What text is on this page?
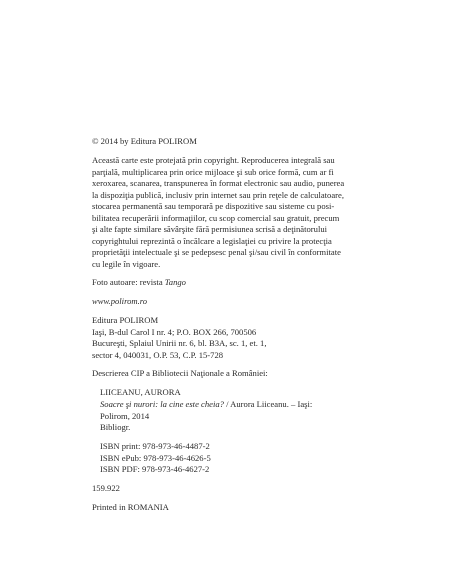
© 2014 by Editura POLIROM
Această carte este protejată prin copyright. Reproducerea integrală sau
parţială, multiplicarea prin orice mijloace şi sub orice formă, cum ar fi
xeroxarea, scanarea, transpunerea în format electronic sau audio, punerea
la dispoziţia publică, inclusiv prin internet sau prin reţele de calculatoare,
stocarea permanentă sau temporară pe dispozitive sau sisteme cu posi-
bilitatea recuperării informaţiilor, cu scop comercial sau gratuit, precum
şi alte fapte similare săvârşite fără permisiunea scrisă a deţinătorului
copyrightului reprezintă o încălcare a legislaţiei cu privire la protecţia
proprietăţii intelectuale şi se pedepsesc penal şi/sau civil în conformitate
cu legile în vigoare.
Foto autoare: revista Tango
www.polirom.ro
Editura POLIROM
Iaşi, B-dul Carol I nr. 4; P.O. BOX 266, 700506
Bucureşti, Splaiul Unirii nr. 6, bl. B3A, sc. 1, et. 1,
sector 4, 040031, O.P. 53, C.P. 15-728
Descrierea CIP a Bibliotecii Naţionale a României:
LIICEANU, AURORA
Soacre şi nurori: la cine este cheia? / Aurora Liiceanu. – Iaşi:
Polirom, 2014
Bibliogr.
ISBN print: 978-973-46-4487-2
ISBN ePub: 978-973-46-4626-5
ISBN PDF: 978-973-46-4627-2
159.922
Printed in ROMANIA
